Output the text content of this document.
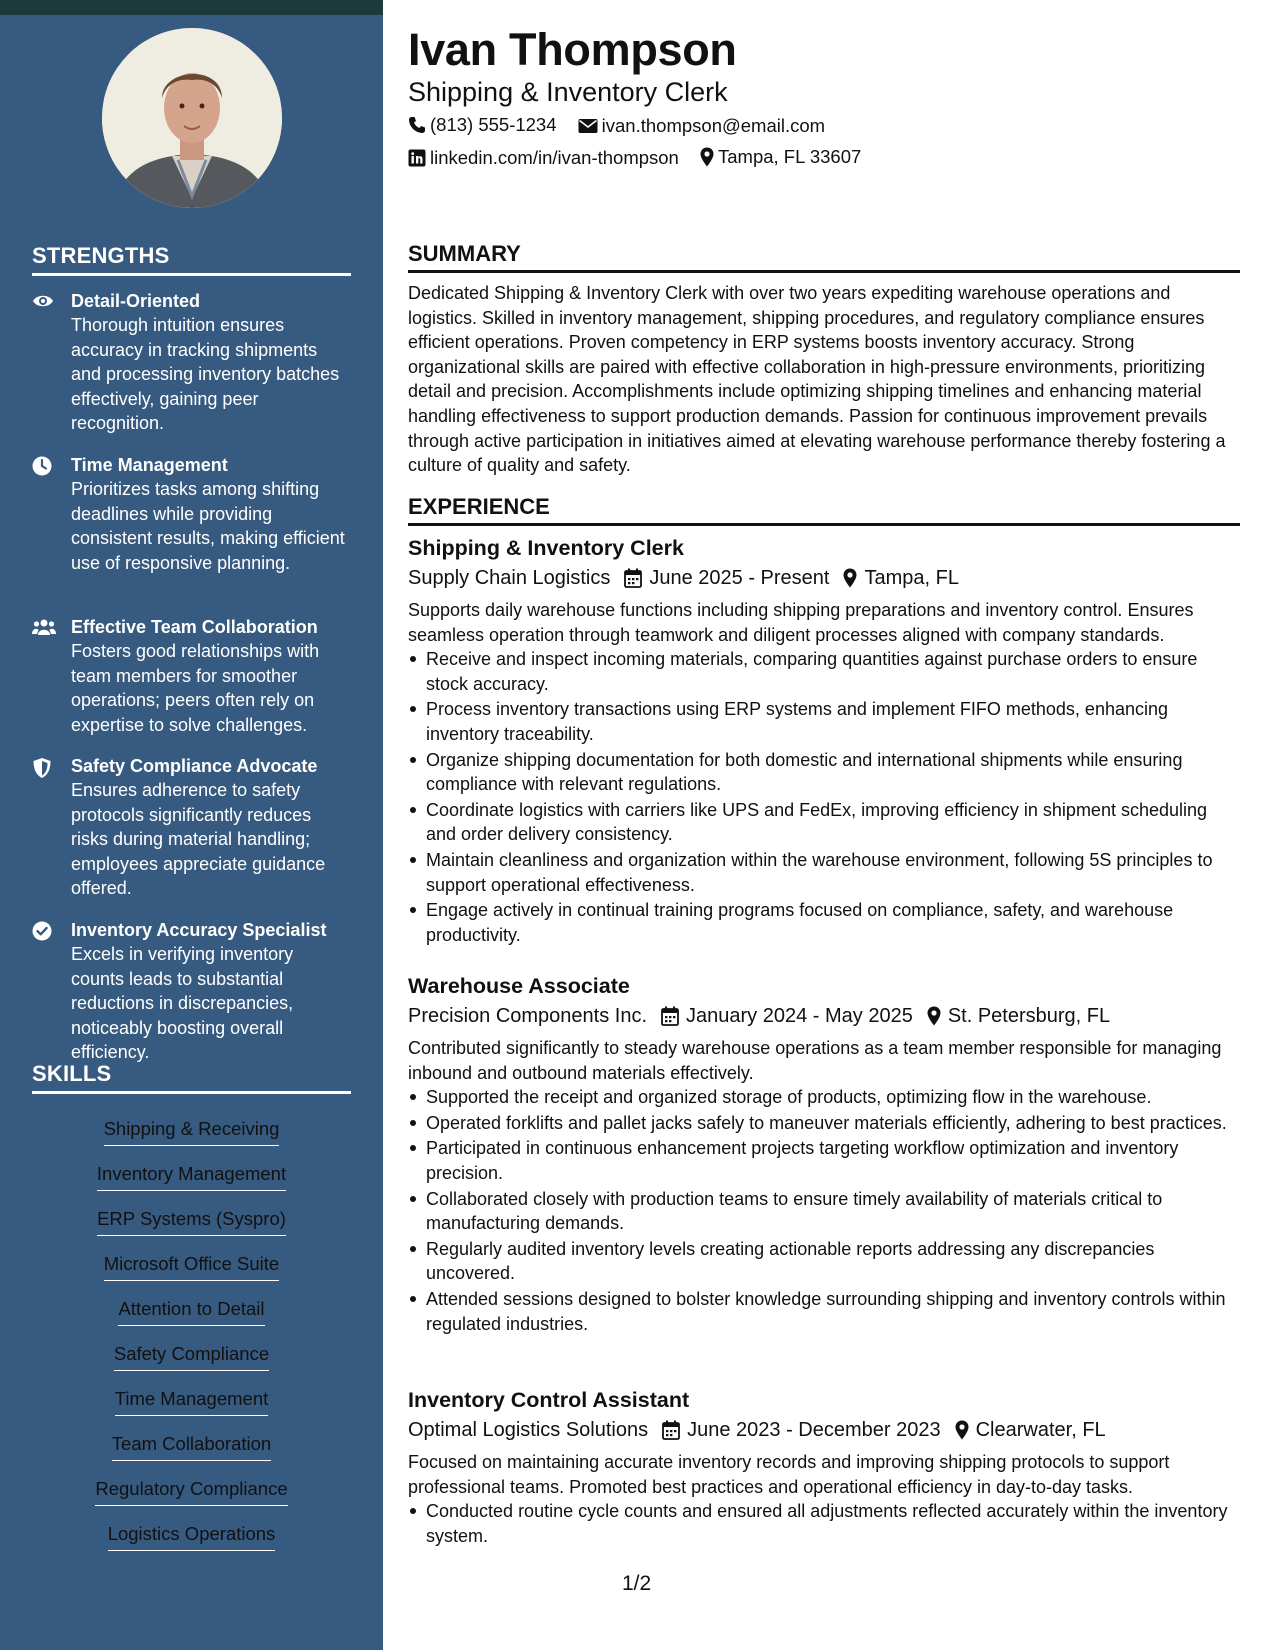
STRENGTHS
Detail-Oriented
Thorough intuition ensures accuracy in tracking shipments and processing inventory batches effectively, gaining peer recognition.
Time Management
Prioritizes tasks among shifting deadlines while providing consistent results, making efficient use of responsive planning.
Effective Team Collaboration
Fosters good relationships with team members for smoother operations; peers often rely on expertise to solve challenges.
Safety Compliance Advocate
Ensures adherence to safety protocols significantly reduces risks during material handling; employees appreciate guidance offered.
Inventory Accuracy Specialist
Excels in verifying inventory counts leads to substantial reductions in discrepancies, noticeably boosting overall efficiency.
SKILLS
Shipping & Receiving
Inventory Management
ERP Systems (Syspro)
Microsoft Office Suite
Attention to Detail
Safety Compliance
Time Management
Team Collaboration
Regulatory Compliance
Logistics Operations
Ivan Thompson
Shipping & Inventory Clerk
(813) 555-1234
ivan.thompson@email.com
linkedin.com/in/ivan-thompson
Tampa, FL 33607
SUMMARY
Dedicated Shipping & Inventory Clerk with over two years expediting warehouse operations and logistics. Skilled in inventory management, shipping procedures, and regulatory compliance ensures efficient operations. Proven competency in ERP systems boosts inventory accuracy. Strong organizational skills are paired with effective collaboration in high-pressure environments, prioritizing detail and precision. Accomplishments include optimizing shipping timelines and enhancing material handling effectiveness to support production demands. Passion for continuous improvement prevails through active participation in initiatives aimed at elevating warehouse performance thereby fostering a culture of quality and safety.
EXPERIENCE
Shipping & Inventory Clerk
Supply Chain Logistics June 2025 - Present Tampa, FL
Supports daily warehouse functions including shipping preparations and inventory control. Ensures seamless operation through teamwork and diligent processes aligned with company standards.
Receive and inspect incoming materials, comparing quantities against purchase orders to ensure stock accuracy.
Process inventory transactions using ERP systems and implement FIFO methods, enhancing inventory traceability.
Organize shipping documentation for both domestic and international shipments while ensuring compliance with relevant regulations.
Coordinate logistics with carriers like UPS and FedEx, improving efficiency in shipment scheduling and order delivery consistency.
Maintain cleanliness and organization within the warehouse environment, following 5S principles to support operational effectiveness.
Engage actively in continual training programs focused on compliance, safety, and warehouse productivity.
Warehouse Associate
Precision Components Inc. January 2024 - May 2025 St. Petersburg, FL
Contributed significantly to steady warehouse operations as a team member responsible for managing inbound and outbound materials effectively.
Supported the receipt and organized storage of products, optimizing flow in the warehouse.
Operated forklifts and pallet jacks safely to maneuver materials efficiently, adhering to best practices.
Participated in continuous enhancement projects targeting workflow optimization and inventory precision.
Collaborated closely with production teams to ensure timely availability of materials critical to manufacturing demands.
Regularly audited inventory levels creating actionable reports addressing any discrepancies uncovered.
Attended sessions designed to bolster knowledge surrounding shipping and inventory controls within regulated industries.
Inventory Control Assistant
Optimal Logistics Solutions June 2023 - December 2023 Clearwater, FL
Focused on maintaining accurate inventory records and improving shipping protocols to support professional teams. Promoted best practices and operational efficiency in day-to-day tasks.
Conducted routine cycle counts and ensured all adjustments reflected accurately within the inventory system.
1/2
